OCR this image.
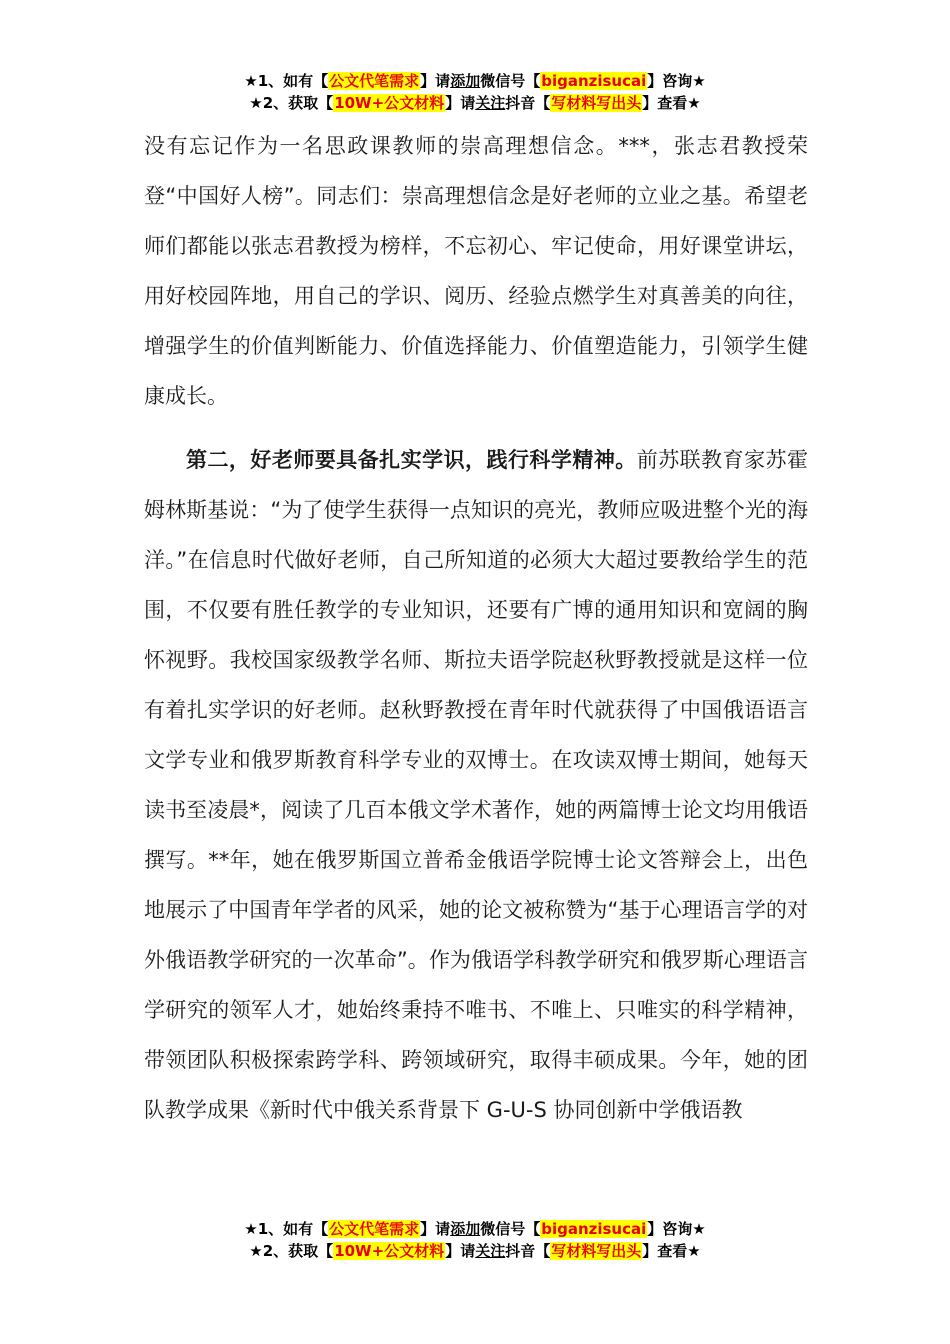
★1、如有【公文代笔需求】请添加微信号【biganzisucai】咨询★
★2、获取【10W+公文材料】请关注抖音【写材料写出头】查看★

没有忘记作为一名思政课教师的崇高理想信念。***，张志君教授荣登“中国好人榜”。同志们：崇高理想信念是好老师的立业之基。希望老师们都能以张志君教授为榜样，不忘初心、牢记使命，用好课堂讲坛，用好校园阵地，用自己的学识、阅历、经验点燃学生对真善美的向往，增强学生的价值判断能力、价值选择能力、价值塑造能力，引领学生健康成长。

第二，好老师要具备扎实学识，践行科学精神。前苏联教育家苏霍姆林斯基说：“为了使学生获得一点知识的亮光，教师应吸进整个光的海洋。”在信息时代做好老师，自己所知道的必须大大超过要教给学生的范围，不仅要有胜任教学的专业知识，还要有广博的通用知识和宽阔的胸怀视野。我校国家级教学名师、斯拉夫语学院赵秋野教授就是这样一位有着扎实学识的好老师。赵秋野教授在青年时代就获得了中国俄语语言文学专业和俄罗斯教育科学专业的双博士。在攻读双博士期间，她每天读书至凌晨*，阅读了几百本俄文学术著作，她的两篇博士论文均用俄语撰写。**年，她在俄罗斯国立普希金俄语学院博士论文答辩会上，出色地展示了中国青年学者的风采，她的论文被称赞为“基于心理语言学的对外俄语教学研究的一次革命”。作为俄语学科教学研究和俄罗斯心理语言学研究的领军人才，她始终秉持不唯书、不唯上、只唯实的科学精神，带领团队积极探索跨学科、跨领域研究，取得丰硕成果。今年，她的团队教学成果《新时代中俄关系背景下 G-U-S 协同创新中学俄语教

★1、如有【公文代笔需求】请添加微信号【biganzisucai】咨询★
★2、获取【10W+公文材料】请关注抖音【写材料写出头】查看★
